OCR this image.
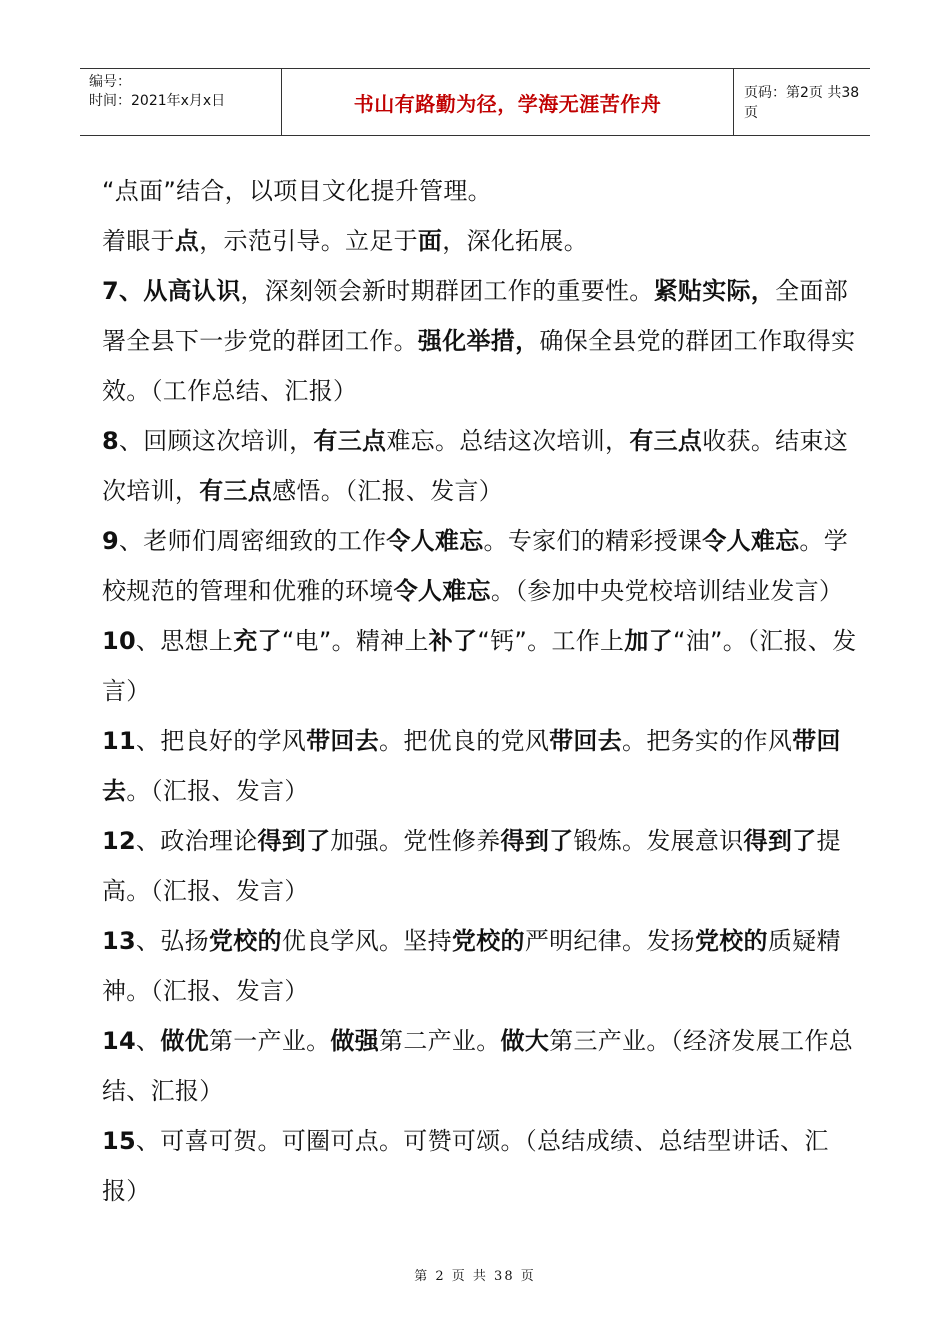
编号：
时间：2021年x月x日	书山有路勤为径，学海无涯苦作舟	页码：第2页 共38页

“点面”结合，以项目文化提升管理。

着眼于点，示范引导。立足于面，深化拓展。

7、从高认识，深刻领会新时期群团工作的重要性。紧贴实际，全面部署全县下一步党的群团工作。强化举措，确保全县党的群团工作取得实效。（工作总结、汇报）

8、回顾这次培训，有三点难忘。总结这次培训，有三点收获。结束这次培训，有三点感悟。（汇报、发言）

9、老师们周密细致的工作令人难忘。专家们的精彩授课令人难忘。学校规范的管理和优雅的环境令人难忘。（参加中央党校培训结业发言）

10、思想上充了“电”。精神上补了“钙”。工作上加了“油”。（汇报、发言）

11、把良好的学风带回去。把优良的党风带回去。把务实的作风带回去。（汇报、发言）

12、政治理论得到了加强。党性修养得到了锻炼。发展意识得到了提高。（汇报、发言）

13、弘扬党校的优良学风。坚持党校的严明纪律。发扬党校的质疑精神。（汇报、发言）

14、做优第一产业。做强第二产业。做大第三产业。（经济发展工作总结、汇报）

15、可喜可贺。可圈可点。可赞可颂。（总结成绩、总结型讲话、汇报）

第 2 页 共 38 页
